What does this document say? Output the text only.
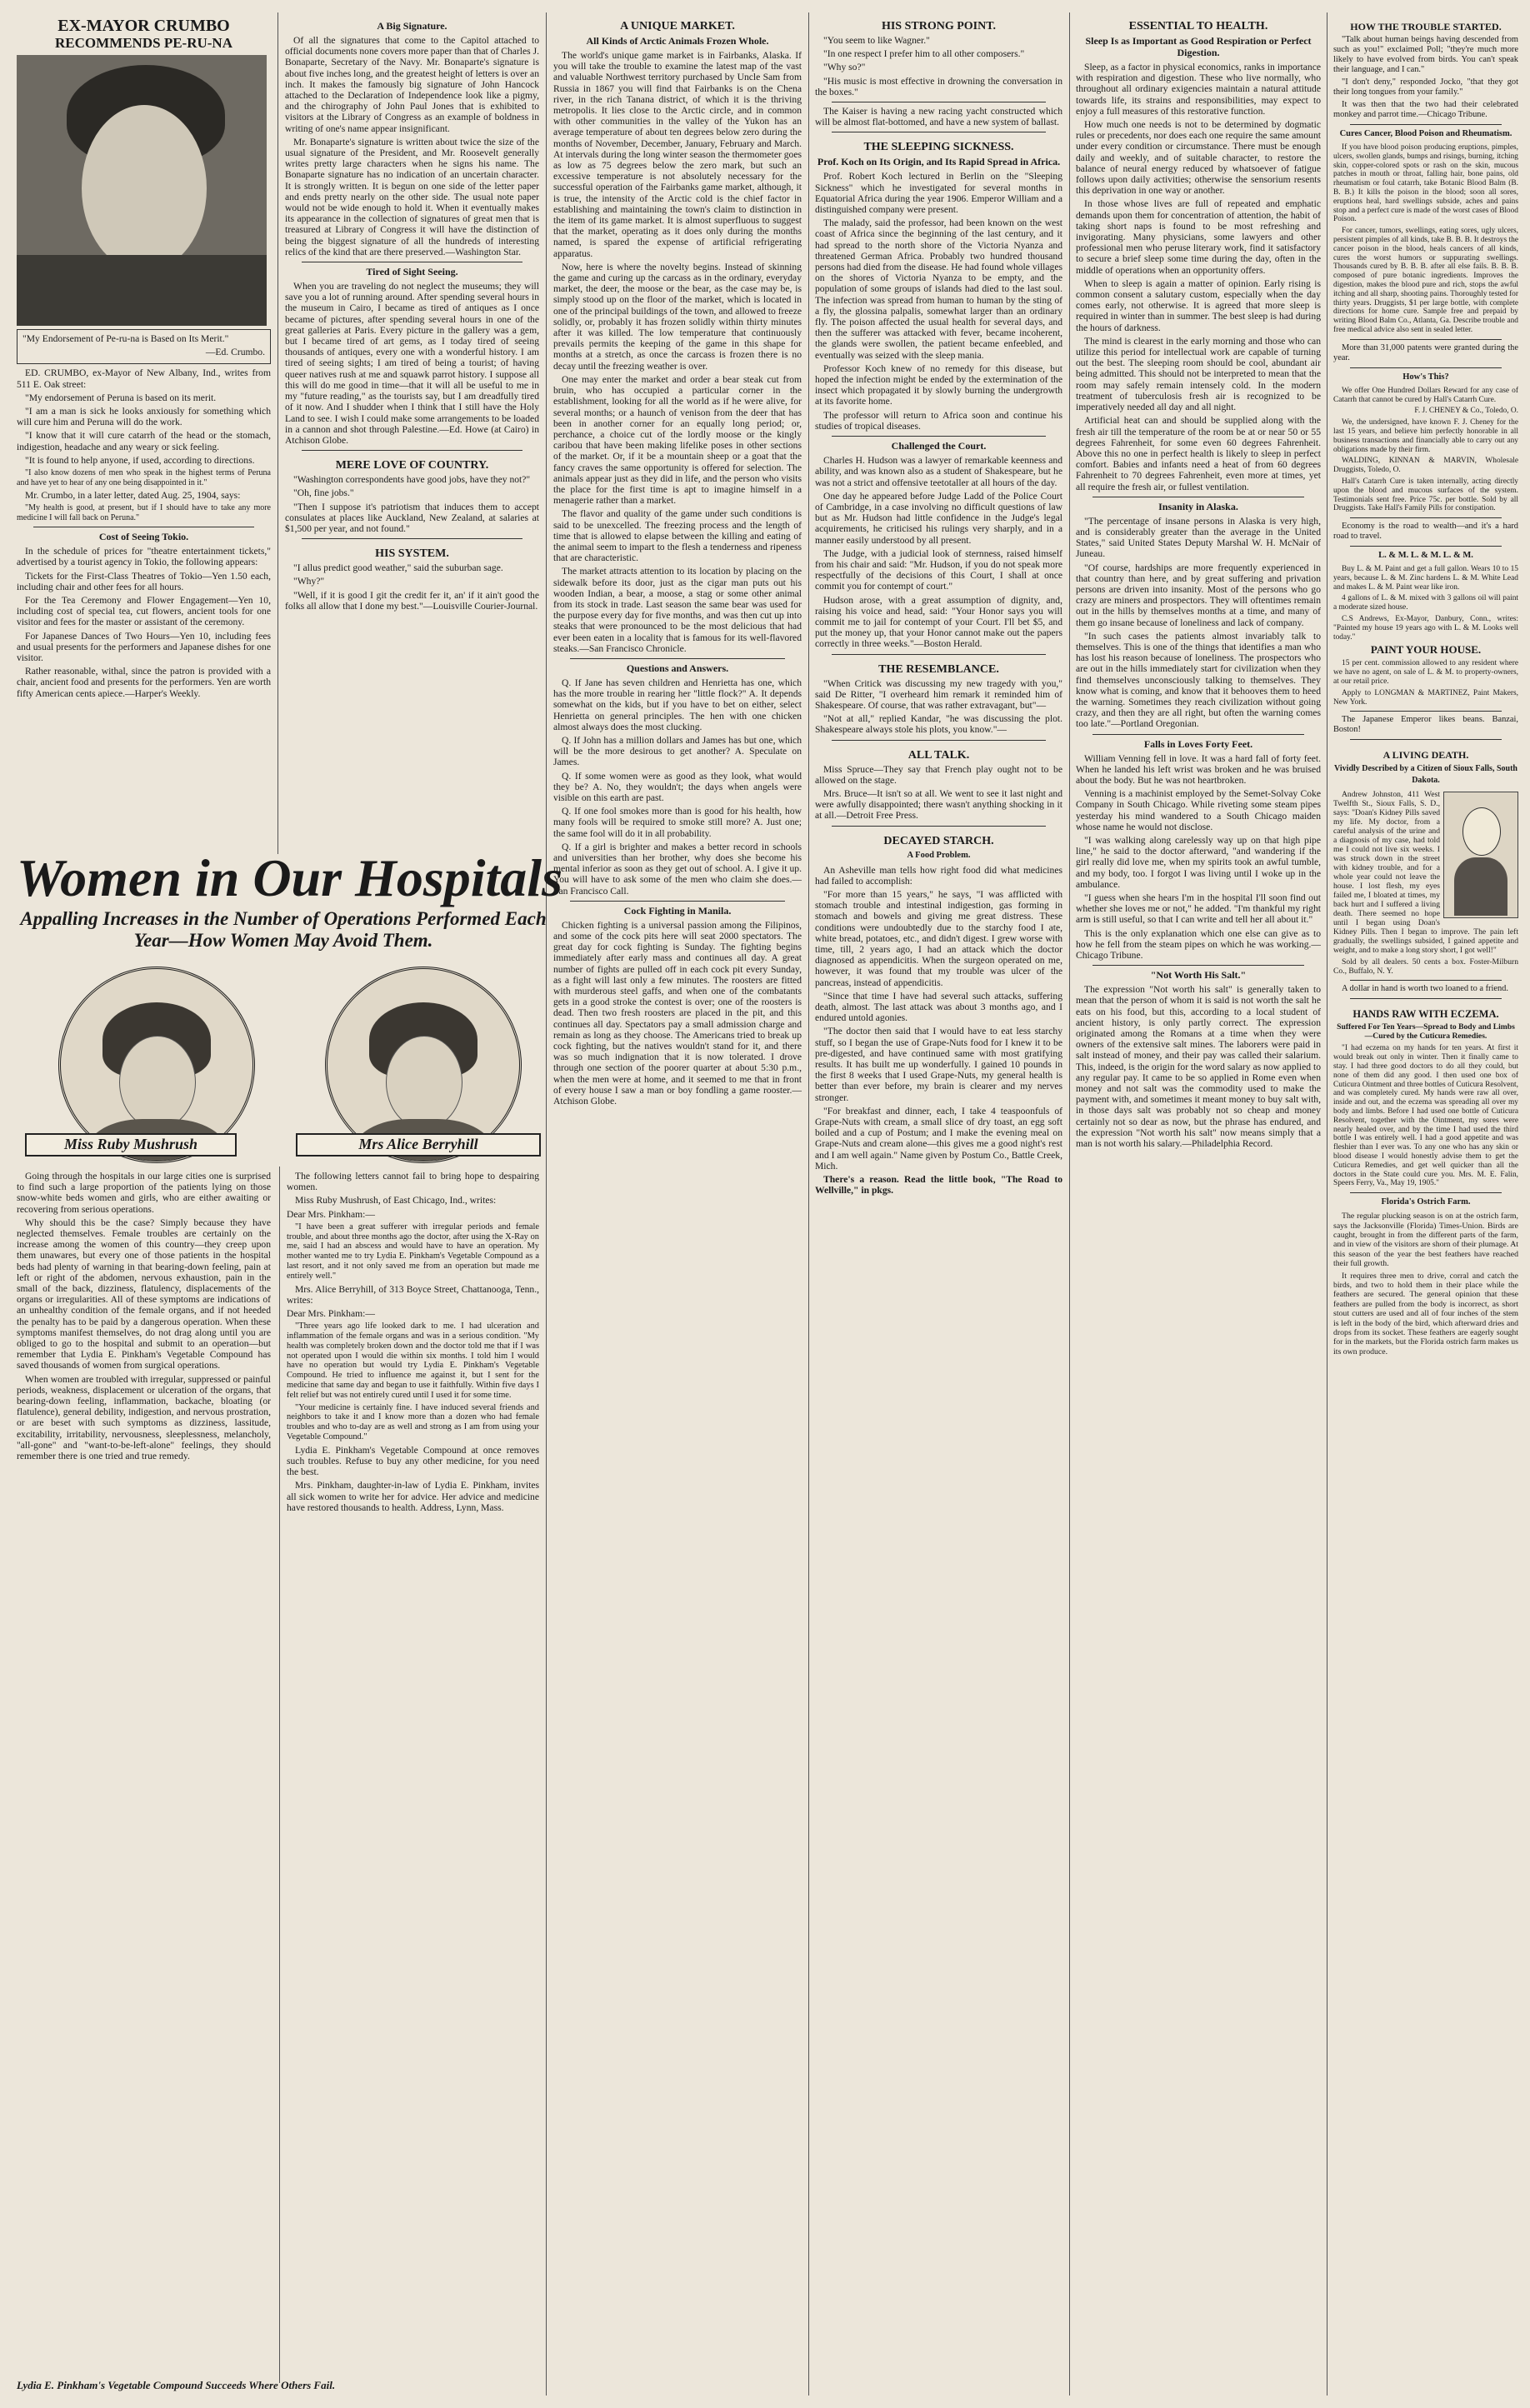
EX-MAYOR CRUMBO
RECOMMENDS PE-RU-NA

"My Endorsement of Pe-ru-na is Based on Its Merit."

—Ed. Crumbo.

ED. CRUMBO, ex-Mayor of New Albany, Ind., writes from 511 E. Oak street:

"My endorsement of Peruna is based on its merit.

"I am a man is sick he looks anxiously for something which will cure him and Peruna will do the work.

"I know that it will cure catarrh of the head or the stomach, indigestion, headache and any weary or sick feeling.

"It is found to help anyone, if used, according to directions.

"I also know dozens of men who speak in the highest terms of Peruna and have yet to hear of any one being disappointed in it."

Mr. Crumbo, in a later letter, dated Aug. 25, 1904, says:

"My health is good, at present, but if I should have to take any more medicine I will fall back on Peruna."

Cost of Seeing Tokio.

In the schedule of prices for "theatre entertainment tickets," advertised by a tourist agency in Tokio, the following appears:

Tickets for the First-Class Theatres of Tokio—Yen 1.50 each, including chair and other fees for all hours.

For the Tea Ceremony and Flower Engagement—Yen 10, including cost of special tea, cut flowers, ancient tools for one visitor and fees for the master or assistant of the ceremony.

For Japanese Dances of Two Hours—Yen 10, including fees and usual presents for the performers and Japanese dishes for one visitor.

Rather reasonable, withal, since the patron is provided with a chair, ancient food and presents for the performers. Yen are worth fifty American cents apiece.—Harper's Weekly.

A Big Signature.

Of all the signatures that come to the Capitol attached to official documents none covers more paper than that of Charles J. Bonaparte, Secretary of the Navy. Mr. Bonaparte's signature is about five inches long, and the greatest height of letters is over an inch. It makes the famously big signature of John Hancock attached to the Declaration of Independence look like a pigmy, and the chirography of John Paul Jones that is exhibited to visitors at the Library of Congress as an example of boldness in writing of one's name appear insignificant.

Mr. Bonaparte's signature is written about twice the size of the usual signature of the President, and Mr. Roosevelt generally writes pretty large characters when he signs his name. The Bonaparte signature has no indication of an uncertain character. It is strongly written. It is begun on one side of the letter paper and ends pretty nearly on the other side. The usual note paper would not be wide enough to hold it. When it eventually makes its appearance in the collection of signatures of great men that is treasured at Library of Congress it will have the distinction of being the biggest signature of all the hundreds of interesting relics of the kind that are there preserved.—Washington Star.

Tired of Sight Seeing.

When you are traveling do not neglect the museums; they will save you a lot of running around. After spending several hours in the museum in Cairo, I became as tired of antiques as I once became of pictures, after spending several hours in one of the great galleries at Paris. Every picture in the gallery was a gem, but I became tired of art gems, as I today tired of seeing thousands of antiques, every one with a wonderful history. I am tired of seeing sights; I am tired of being a tourist; of having queer natives rush at me and squawk parrot history. I suppose all this will do me good in time—that it will all be useful to me in my "future reading," as the tourists say, but I am dreadfully tired of it now. And I shudder when I think that I still have the Holy Land to see. I wish I could make some arrangements to be loaded in a cannon and shot through Palestine.—Ed. Howe (at Cairo) in Atchison Globe.

MERE LOVE OF COUNTRY.

"Washington correspondents have good jobs, have they not?"

"Oh, fine jobs."

"Then I suppose it's patriotism that induces them to accept consulates at places like Auckland, New Zealand, at salaries at $1,500 per year, and not found."

HIS SYSTEM.

"I allus predict good weather," said the suburban sage.

"Why?"

"Well, if it is good I git the credit fer it, an' if it ain't good the folks all allow that I done my best."—Louisville Courier-Journal.

Women in Our Hospitals
Appalling Increases in the Number of Operations Performed Each Year—How Women May Avoid Them.
Miss Ruby Mushrush	Mrs Alice Berryhill

Going through the hospitals in our large cities one is surprised to find such a large proportion of the patients lying on those snow-white beds women and girls, who are either awaiting or recovering from serious operations.

Why should this be the case? Simply because they have neglected themselves. Female troubles are certainly on the increase among the women of this country—they creep upon them unawares, but every one of those patients in the hospital beds had plenty of warning in that bearing-down feeling, pain at left or right of the abdomen, nervous exhaustion, pain in the small of the back, dizziness, flatulency, displacements of the organs or irregularities. All of these symptoms are indications of an unhealthy condition of the female organs, and if not heeded the penalty has to be paid by a dangerous operation. When these symptoms manifest themselves, do not drag along until you are obliged to go to the hospital and submit to an operation—but remember that Lydia E. Pinkham's Vegetable Compound has saved thousands of women from surgical operations.

When women are troubled with irregular, suppressed or painful periods, weakness, displacement or ulceration of the organs, that bearing-down feeling, inflammation, backache, bloating (or flatulence), general debility, indigestion, and nervous prostration, or are beset with such symptoms as dizziness, lassitude, excitability, irritability, nervousness, sleeplessness, melancholy, "all-gone" and "want-to-be-left-alone" feelings, they should remember there is one tried and true remedy.

The following letters cannot fail to bring hope to despairing women.

Miss Ruby Mushrush, of East Chicago, Ind., writes:

Dear Mrs. Pinkham:—

"I have been a great sufferer with irregular periods and female trouble, and about three months ago the doctor, after using the X-Ray on me, said I had an abscess and would have to have an operation. My mother wanted me to try Lydia E. Pinkham's Vegetable Compound as a last resort, and it not only saved me from an operation but made me entirely well."

Mrs. Alice Berryhill, of 313 Boyce Street, Chattanooga, Tenn., writes:

Dear Mrs. Pinkham:—

"Three years ago life looked dark to me. I had ulceration and inflammation of the female organs and was in a serious condition. "My health was completely broken down and the doctor told me that if I was not operated upon I would die within six months. I told him I would have no operation but would try Lydia E. Pinkham's Vegetable Compound. He tried to influence me against it, but I sent for the medicine that same day and began to use it faithfully. Within five days I felt relief but was not entirely cured until I used it for some time.

"Your medicine is certainly fine. I have induced several friends and neighbors to take it and I know more than a dozen who had female troubles and who to-day are as well and strong as I am from using your Vegetable Compound."

Lydia E. Pinkham's Vegetable Compound at once removes such troubles. Refuse to buy any other medicine, for you need the best.

Mrs. Pinkham, daughter-in-law of Lydia E. Pinkham, invites all sick women to write her for advice. Her advice and medicine have restored thousands to health. Address, Lynn, Mass.

Lydia E. Pinkham's Vegetable Compound Succeeds Where Others Fail.

A UNIQUE MARKET.

All Kinds of Arctic Animals Frozen Whole.

The world's unique game market is in Fairbanks, Alaska. If you will take the trouble to examine the latest map of the vast and valuable Northwest territory purchased by Uncle Sam from Russia in 1867 you will find that Fairbanks is on the Chena river, in the rich Tanana district, of which it is the thriving metropolis. It lies close to the Arctic circle, and in common with other communities in the valley of the Yukon has an average temperature of about ten degrees below zero during the months of November, December, January, February and March. At intervals during the long winter season the thermometer goes as low as 75 degrees below the zero mark, but such an excessive temperature is not absolutely necessary for the successful operation of the Fairbanks game market, although, it is true, the intensity of the Arctic cold is the chief factor in establishing and maintaining the town's claim to distinction in the item of its game market. It is almost superfluous to suggest that the market, operating as it does only during the months named, is spared the expense of artificial refrigerating apparatus.

Now, here is where the novelty begins. Instead of skinning the game and curing up the carcass as in the ordinary, everyday market, the deer, the moose or the bear, as the case may be, is simply stood up on the floor of the market, which is located in one of the principal buildings of the town, and allowed to freeze solidly, or, probably it has frozen solidly within thirty minutes after it was killed. The low temperature that continuously prevails permits the keeping of the game in this shape for months at a stretch, as once the carcass is frozen there is no decay until the freezing weather is over.

One may enter the market and order a bear steak cut from bruin, who has occupied a particular corner in the establishment, looking for all the world as if he were alive, for several months; or a haunch of venison from the deer that has been in another corner for an equally long period; or, perchance, a choice cut of the lordly moose or the kingly caribou that have been making lifelike poses in other sections of the market. Or, if it be a mountain sheep or a goat that the fancy craves the same opportunity is offered for selection. The animals appear just as they did in life, and the person who visits the place for the first time is apt to imagine himself in a menagerie rather than a market.

The flavor and quality of the game under such conditions is said to be unexcelled. The freezing process and the length of time that is allowed to elapse between the killing and eating of the animal seem to impart to the flesh a tenderness and ripeness that are characteristic.

The market attracts attention to its location by placing on the sidewalk before its door, just as the cigar man puts out his wooden Indian, a bear, a moose, a stag or some other animal from its stock in trade. Last season the same bear was used for the purpose every day for five months, and was then cut up into steaks that were pronounced to be the most delicious that had ever been eaten in a locality that is famous for its well-flavored steaks.—San Francisco Chronicle.

Questions and Answers.

Q. If Jane has seven children and Henrietta has one, which has the more trouble in rearing her "little flock?" A. It depends somewhat on the kids, but if you have to bet on either, select Henrietta on general principles. The hen with one chicken almost always does the most clucking.

Q. If John has a million dollars and James has but one, which will be the more desirous to get another? A. Speculate on James.

Q. If some women were as good as they look, what would they be? A. No, they wouldn't; the days when angels were visible on this earth are past.

Q. If one fool smokes more than is good for his health, how many fools will be required to smoke still more? A. Just one; the same fool will do it in all probability.

Q. If a girl is brighter and makes a better record in schools and universities than her brother, why does she become his mental inferior as soon as they get out of school. A. I give it up. You will have to ask some of the men who claim she does.—San Francisco Call.

Cock Fighting in Manila.

Chicken fighting is a universal passion among the Filipinos, and some of the cock pits here will seat 2000 spectators. The great day for cock fighting is Sunday. The fighting begins immediately after early mass and continues all day. A great number of fights are pulled off in each cock pit every Sunday, as a fight will last only a few minutes. The roosters are fitted with murderous steel gaffs, and when one of the combatants gets in a good stroke the contest is over; one of the roosters is dead. Then two fresh roosters are placed in the pit, and this continues all day. Spectators pay a small admission charge and remain as long as they choose. The Americans tried to break up cock fighting, but the natives wouldn't stand for it, and there was so much indignation that it is now tolerated. I drove through one section of the poorer quarter at about 5:30 p.m., when the men were at home, and it seemed to me that in front of every house I saw a man or boy fondling a game rooster.—Atchison Globe.

HIS STRONG POINT.

"You seem to like Wagner."

"In one respect I prefer him to all other composers."

"Why so?"

"His music is most effective in drowning the conversation in the boxes."

The Kaiser is having a new racing yacht constructed which will be almost flat-bottomed, and have a new system of ballast.

THE SLEEPING SICKNESS.

Prof. Koch on Its Origin, and Its Rapid Spread in Africa.

Prof. Robert Koch lectured in Berlin on the "Sleeping Sickness" which he investigated for several months in Equatorial Africa during the year 1906. Emperor William and a distinguished company were present.

The malady, said the professor, had been known on the west coast of Africa since the beginning of the last century, and it had spread to the north shore of the Victoria Nyanza and threatened German Africa. Probably two hundred thousand persons had died from the disease. He had found whole villages on the shores of Victoria Nyanza to be empty, and the population of some groups of islands had died to the last soul. The infection was spread from human to human by the sting of a fly, the glossina palpalis, somewhat larger than an ordinary fly. The poison affected the usual health for several days, and then the sufferer was attacked with fever, became incoherent, the glands were swollen, the patient became enfeebled, and eventually was seized with the sleep mania.

Professor Koch knew of no remedy for this disease, but hoped the infection might be ended by the extermination of the insect which propagated it by slowly burning the undergrowth at its favorite home.

The professor will return to Africa soon and continue his studies of tropical diseases.

Challenged the Court.

Charles H. Hudson was a lawyer of remarkable keenness and ability, and was known also as a student of Shakespeare, but he was not a strict and offensive teetotaller at all hours of the day.

One day he appeared before Judge Ladd of the Police Court of Cambridge, in a case involving no difficult questions of law but as Mr. Hudson had little confidence in the Judge's legal acquirements, he criticised his rulings very sharply, and in a manner easily understood by all present.

The Judge, with a judicial look of sternness, raised himself from his chair and said: "Mr. Hudson, if you do not speak more respectfully of the decisions of this Court, I shall at once commit you for contempt of court."

Hudson arose, with a great assumption of dignity, and, raising his voice and head, said: "Your Honor says you will commit me to jail for contempt of your Court. I'll bet $5, and put the money up, that your Honor cannot make out the papers correctly in three weeks."—Boston Herald.

THE RESEMBLANCE.

"When Critick was discussing my new tragedy with you," said De Ritter, "I overheard him remark it reminded him of Shakespeare. Of course, that was rather extravagant, but"—

"Not at all," replied Kandar, "he was discussing the plot. Shakespeare always stole his plots, you know."—

ALL TALK.

Miss Spruce—They say that French play ought not to be allowed on the stage.

Mrs. Bruce—It isn't so at all. We went to see it last night and were awfully disappointed; there wasn't anything shocking in it at all.—Detroit Free Press.

DECAYED STARCH.

A Food Problem.

An Asheville man tells how right food did what medicines had failed to accomplish:

"For more than 15 years," he says, "I was afflicted with stomach trouble and intestinal indigestion, gas forming in stomach and bowels and giving me great distress. These conditions were undoubtedly due to the starchy food I ate, white bread, potatoes, etc., and didn't digest. I grew worse with time, till, 2 years ago, I had an attack which the doctor diagnosed as appendicitis. When the surgeon operated on me, however, it was found that my trouble was ulcer of the pancreas, instead of appendicitis.

"Since that time I have had several such attacks, suffering death, almost. The last attack was about 3 months ago, and I endured untold agonies.

"The doctor then said that I would have to eat less starchy stuff, so I began the use of Grape-Nuts food for I knew it to be pre-digested, and have continued same with most gratifying results. It has built me up wonderfully. I gained 10 pounds in the first 8 weeks that I used Grape-Nuts, my general health is better than ever before, my brain is clearer and my nerves stronger.

"For breakfast and dinner, each, I take 4 teaspoonfuls of Grape-Nuts with cream, a small slice of dry toast, an egg soft boiled and a cup of Postum; and I make the evening meal on Grape-Nuts and cream alone—this gives me a good night's rest and I am well again." Name given by Postum Co., Battle Creek, Mich.

There's a reason. Read the little book, "The Road to Wellville," in pkgs.

ESSENTIAL TO HEALTH.

Sleep Is as Important as Good Respiration or Perfect Digestion.

Sleep, as a factor in physical economics, ranks in importance with respiration and digestion. These who live normally, who throughout all ordinary exigencies maintain a natural attitude towards life, its strains and responsibilities, may expect to enjoy a full measures of this restorative function.

How much one needs is not to be determined by dogmatic rules or precedents, nor does each one require the same amount under every condition or circumstance. There must be enough daily and weekly, and of suitable character, to restore the balance of neural energy reduced by whatsoever of fatigue follows upon daily activities; otherwise the sensorium resents this deprivation in one way or another.

In those whose lives are full of repeated and emphatic demands upon them for concentration of attention, the habit of taking short naps is found to be most refreshing and invigorating. Many physicians, some lawyers and other professional men who peruse literary work, find it satisfactory to secure a brief sleep some time during the day, often in the middle of operations when an opportunity offers.

When to sleep is again a matter of opinion. Early rising is common consent a salutary custom, especially when the day comes early, not otherwise. It is agreed that more sleep is required in winter than in summer. The best sleep is had during the hours of darkness.

The mind is clearest in the early morning and those who can utilize this period for intellectual work are capable of turning out the best. The sleeping room should be cool, abundant air being admitted. This should not be interpreted to mean that the room may safely remain intensely cold. In the modern treatment of tuberculosis fresh air is recognized to be imperatively needed all day and all night.

Artificial heat can and should be supplied along with the fresh air till the temperature of the room be at or near 50 or 55 degrees Fahrenheit, for some even 60 degrees Fahrenheit. Above this no one in perfect health is likely to sleep in perfect comfort. Babies and infants need a heat of from 60 degrees Fahrenheit to 70 degrees Fahrenheit, even more at times, yet all require the fresh air, or fullest ventilation.

Insanity in Alaska.

"The percentage of insane persons in Alaska is very high, and is considerably greater than the average in the United States," said United States Deputy Marshal W. H. McNair of Juneau.

"Of course, hardships are more frequently experienced in that country than here, and by great suffering and privation persons are driven into insanity. Most of the persons who go crazy are miners and prospectors. They will oftentimes remain out in the hills by themselves months at a time, and many of them go insane because of loneliness and lack of company.

"In such cases the patients almost invariably talk to themselves. This is one of the things that identifies a man who has lost his reason because of loneliness. The prospectors who are out in the hills immediately start for civilization when they find themselves unconsciously talking to themselves. They know what is coming, and know that it behooves them to heed the warning. Sometimes they reach civilization without going crazy, and then they are all right, but often the warning comes too late."—Portland Oregonian.

Falls in Loves Forty Feet.

William Venning fell in love. It was a hard fall of forty feet. When he landed his left wrist was broken and he was bruised about the body. But he was not heartbroken.

Venning is a machinist employed by the Semet-Solvay Coke Company in South Chicago. While riveting some steam pipes yesterday his mind wandered to a South Chicago maiden whose name he would not disclose.

"I was walking along carelessly way up on that high pipe line," he said to the doctor afterward, "and wandering if the girl really did love me, when my spirits took an awful tumble, and my body, too. I forgot I was living until I woke up in the ambulance.

"I guess when she hears I'm in the hospital I'll soon find out whether she loves me or not," he added. "I'm thankful my right arm is still useful, so that I can write and tell her all about it."

This is the only explanation which one else can give as to how he fell from the steam pipes on which he was working.—Chicago Tribune.

"Not Worth His Salt."

The expression "Not worth his salt" is generally taken to mean that the person of whom it is said is not worth the salt he eats on his food, but this, according to a local student of ancient history, is only partly correct. The expression originated among the Romans at a time when they were owners of the extensive salt mines. The laborers were paid in salt instead of money, and their pay was called their salarium. This, indeed, is the origin for the word salary as now applied to any regular pay. It came to be so applied in Rome even when money and not salt was the commodity used to make the payment with, and sometimes it meant money to buy salt with, in those days salt was probably not so cheap and money certainly not so dear as now, but the phrase has endured, and the expression "Not worth his salt" now means simply that a man is not worth his salary.—Philadelphia Record.

HOW THE TROUBLE STARTED.

"Talk about human beings having descended from such as you!" exclaimed Poll; "they're much more likely to have evolved from birds. You can't speak their language, and I can."

"I don't deny," responded Jocko, "that they got their long tongues from your family."

It was then that the two had their celebrated monkey and parrot time.—Chicago Tribune.

Cures Cancer, Blood Poison and Rheumatism.

If you have blood poison producing eruptions, pimples, ulcers, swollen glands, bumps and risings, burning, itching skin, copper-colored spots or rash on the skin, mucous patches in mouth or throat, falling hair, bone pains, old rheumatism or foul catarrh, take Botanic Blood Balm (B. B. B.) It kills the poison in the blood; soon all sores, eruptions heal, hard swellings subside, aches and pains stop and a perfect cure is made of the worst cases of Blood Poison.

For cancer, tumors, swellings, eating sores, ugly ulcers, persistent pimples of all kinds, take B. B. B. It destroys the cancer poison in the blood, heals cancers of all kinds, cures the worst humors or suppurating swellings. Thousands cured by B. B. B. after all else fails. B. B. B. composed of pure botanic ingredients. Improves the digestion, makes the blood pure and rich, stops the awful itching and all sharp, shooting pains. Thoroughly tested for thirty years. Druggists, $1 per large bottle, with complete directions for home cure. Sample free and prepaid by writing Blood Balm Co., Atlanta, Ga. Describe trouble and free medical advice also sent in sealed letter.

More than 31,000 patents were granted during the year.

How's This?

We offer One Hundred Dollars Reward for any case of Catarrh that cannot be cured by Hall's Catarrh Cure.

F. J. CHENEY & Co., Toledo, O.

We, the undersigned, have known F. J. Cheney for the last 15 years, and believe him perfectly honorable in all business transactions and financially able to carry out any obligations made by their firm.

WALDING, KINNAN & MARVIN, Wholesale Druggists, Toledo, O.

Hall's Catarrh Cure is taken internally, acting directly upon the blood and mucous surfaces of the system. Testimonials sent free. Price 75c. per bottle. Sold by all Druggists. Take Hall's Family Pills for constipation.

Economy is the road to wealth—and it's a hard road to travel.

L. & M. L. & M. L. & M.

Buy L. & M. Paint and get a full gallon. Wears 10 to 15 years, because L. & M. Zinc hardens L. & M. White Lead and makes L. & M. Paint wear like iron.

4 gallons of L. & M. mixed with 3 gallons oil will paint a moderate sized house.

C.S Andrews, Ex-Mayor, Danbury, Conn., writes: "Painted my house 19 years ago with L. & M. Looks well today."

PAINT YOUR HOUSE.

15 per cent. commission allowed to any resident where we have no agent, on sale of L. & M. to property-owners, at our retail price.

Apply to LONGMAN & MARTINEZ, Paint Makers, New York.

The Japanese Emperor likes beans. Banzai, Boston!

A LIVING DEATH.

Vividly Described by a Citizen of Sioux Falls, South Dakota.

Andrew Johnston, 411 West Twelfth St., Sioux Falls, S. D., says: "Doan's Kidney Pills saved my life. My doctor, from a careful analysis of the urine and a diagnosis of my case, had told me I could not live six weeks. I was struck down in the street with kidney trouble, and for a whole year could not leave the house. I lost flesh, my eyes failed me, I bloated at times, my back hurt and I suffered a living death. There seemed no hope until I began using Doan's Kidney Pills. Then I began to improve. The pain left gradually, the swellings subsided, I gained appetite and weight, and to make a long story short, I got well!"

Sold by all dealers. 50 cents a box. Foster-Milburn Co., Buffalo, N. Y.

A dollar in hand is worth two loaned to a friend.

HANDS RAW WITH ECZEMA.

Suffered For Ten Years—Spread to Body and Limbs—Cured by the Cuticura Remedies.

"I had eczema on my hands for ten years. At first it would break out only in winter. Then it finally came to stay. I had three good doctors to do all they could, but none of them did any good. I then used one box of Cuticura Ointment and three bottles of Cuticura Resolvent, and was completely cured. My hands were raw all over, inside and out, and the eczema was spreading all over my body and limbs. Before I had used one bottle of Cuticura Resolvent, together with the Ointment, my sores were nearly healed over, and by the time I had used the third bottle I was entirely well. I had a good appetite and was fleshier than I ever was. To any one who has any skin or blood disease I would honestly advise them to get the Cuticura Remedies, and get well quicker than all the doctors in the State could cure you. Mrs. M. E. Falin, Speers Ferry, Va., May 19, 1905."

Florida's Ostrich Farm.

The regular plucking season is on at the ostrich farm, says the Jacksonville (Florida) Times-Union. Birds are caught, brought in from the different parts of the farm, and in view of the visitors are shorn of their plumage. At this season of the year the best feathers have reached their full growth.

It requires three men to drive, corral and catch the birds, and two to hold them in their place while the feathers are secured. The general opinion that these feathers are pulled from the body is incorrect, as short stout cutters are used and all of four inches of the stem is left in the body of the bird, which afterward dries and drops from its socket. These feathers are eagerly sought for in the markets, but the Florida ostrich farm makes us its own produce.
